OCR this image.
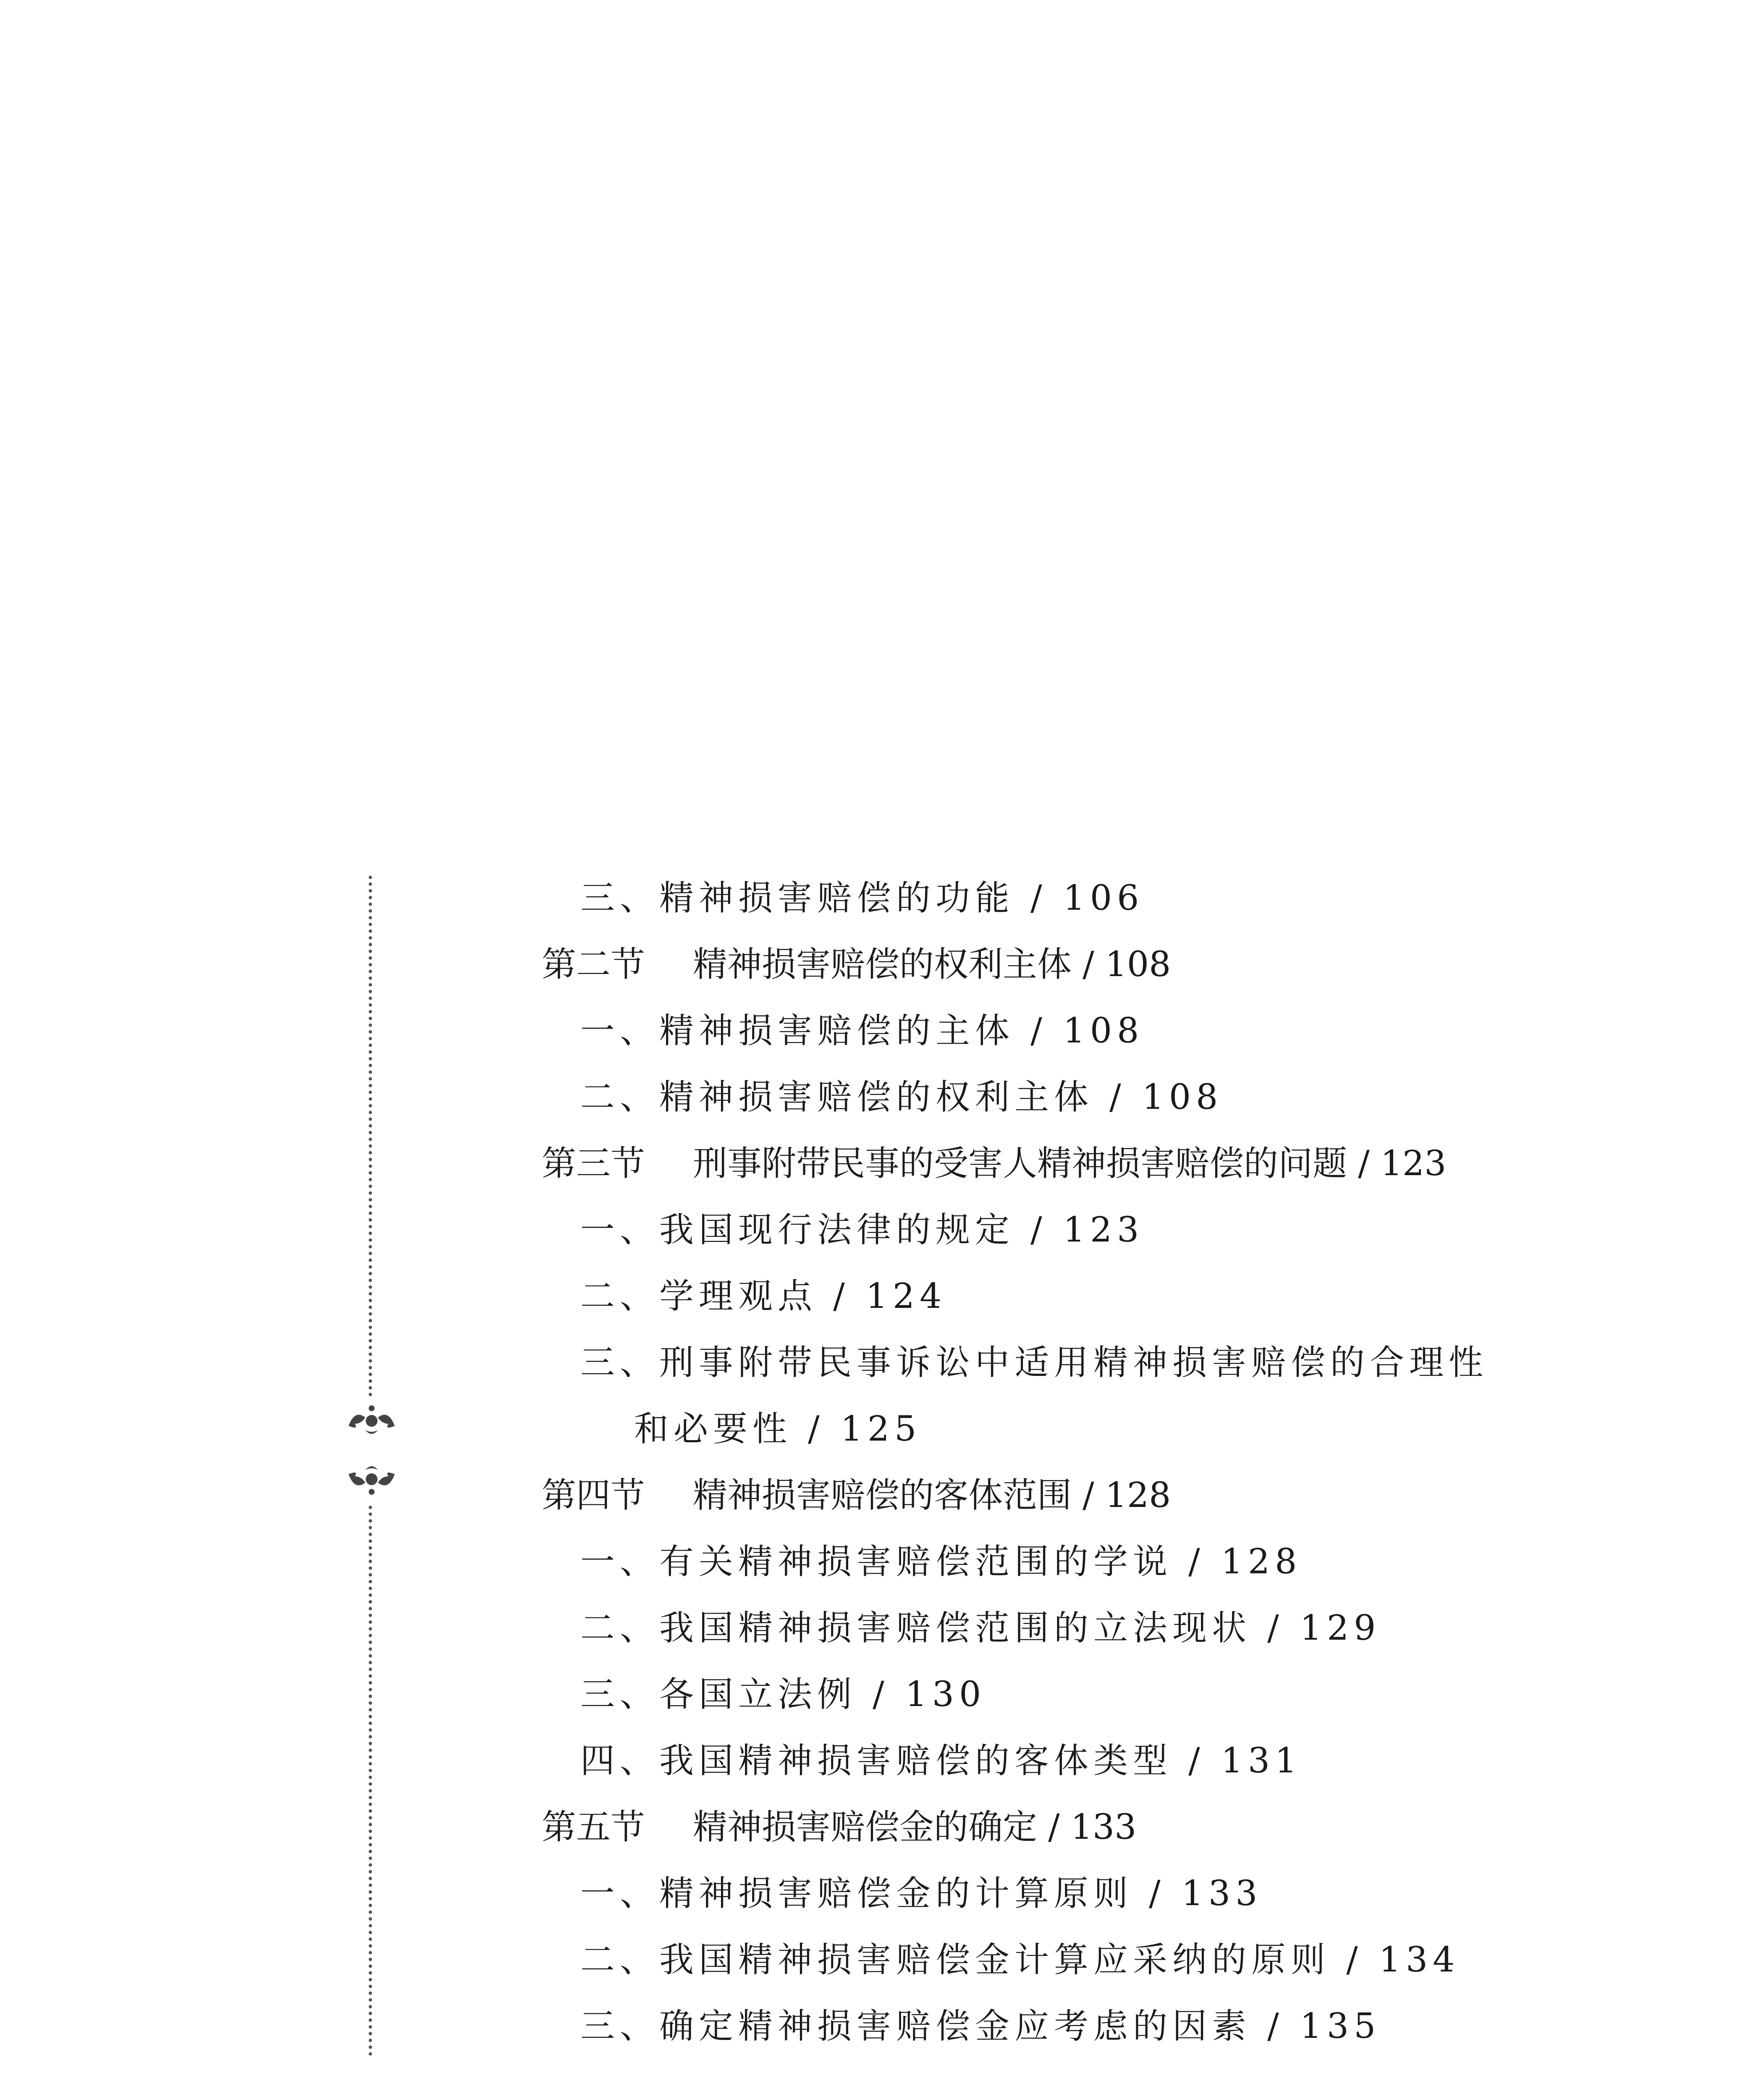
三、精神损害赔偿的功能 / 106
第二节 精神损害赔偿的权利主体 / 108
一、精神损害赔偿的主体 / 108
二、精神损害赔偿的权利主体 / 108
第三节 刑事附带民事的受害人精神损害赔偿的问题 / 123
一、我国现行法律的规定 / 123
二、学理观点 / 124
三、刑事附带民事诉讼中适用精神损害赔偿的合理性
和必要性 / 125
第四节 精神损害赔偿的客体范围 / 128
一、有关精神损害赔偿范围的学说 / 128
二、我国精神损害赔偿范围的立法现状 / 129
三、各国立法例 / 130
四、我国精神损害赔偿的客体类型 / 131
第五节 精神损害赔偿金的确定 / 133
一、精神损害赔偿金的计算原则 / 133
二、我国精神损害赔偿金计算应采纳的原则 / 134
三、确定精神损害赔偿金应考虑的因素 / 135
